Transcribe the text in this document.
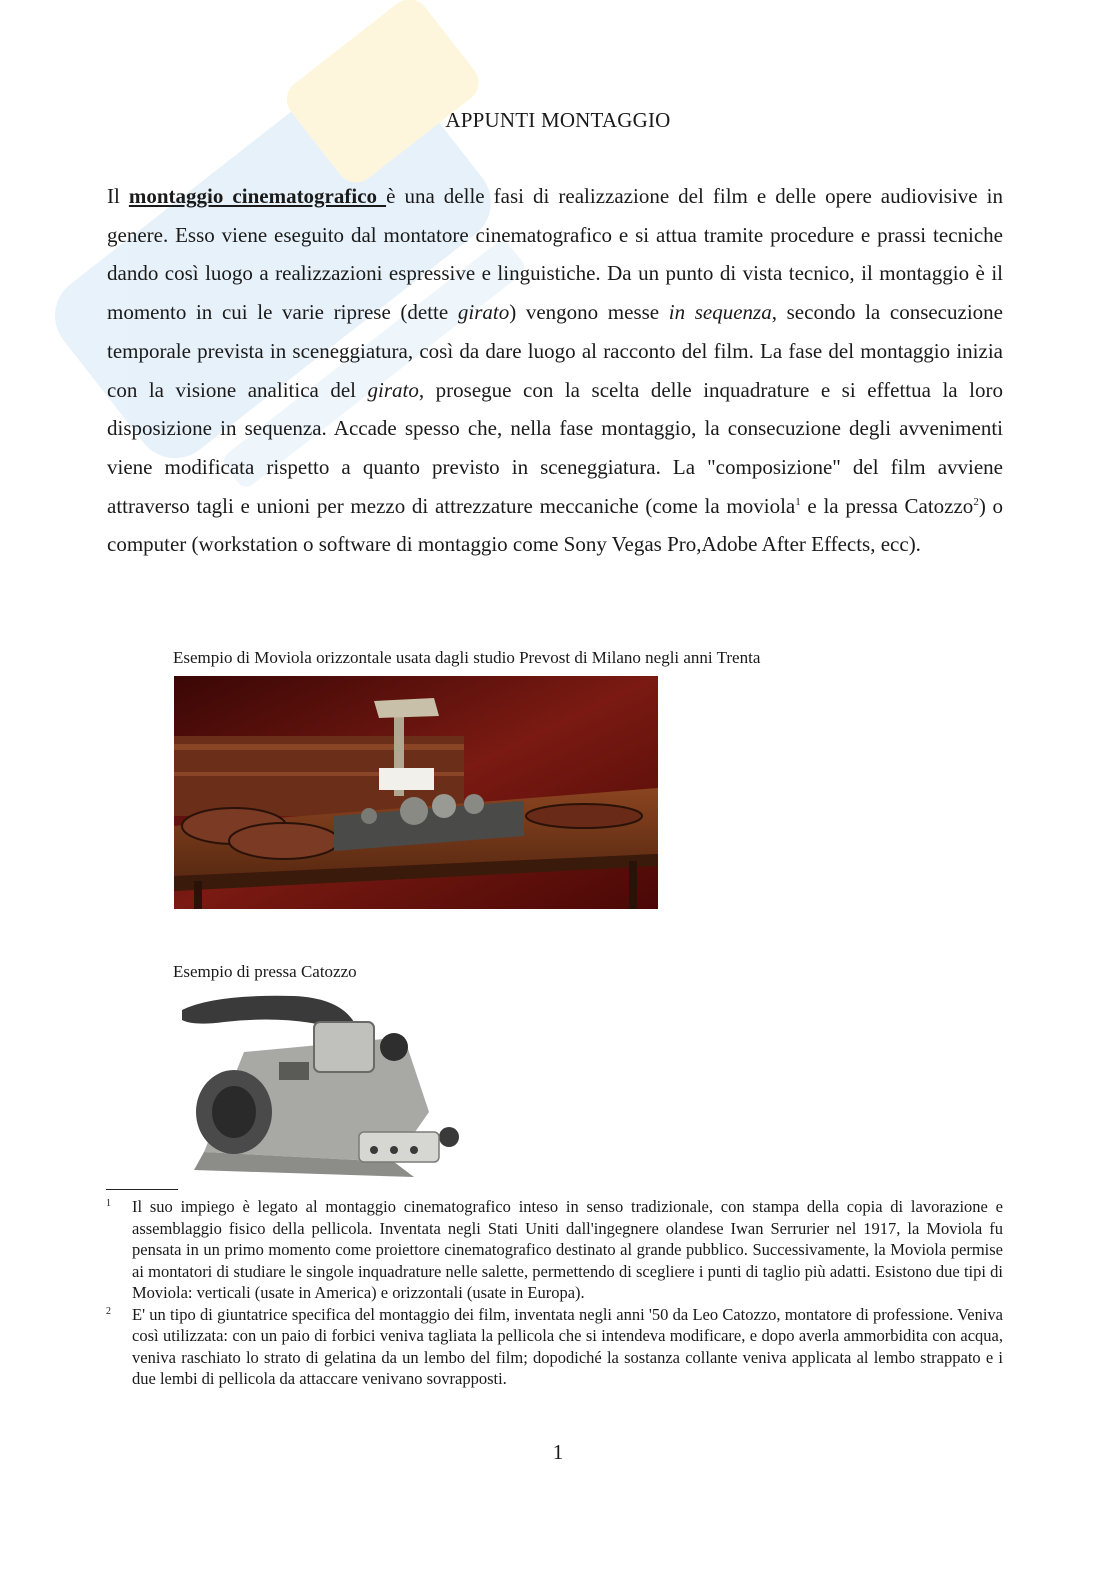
APPUNTI MONTAGGIO
Il montaggio cinematografico è una delle fasi di realizzazione del film e delle opere audiovisive in genere. Esso viene eseguito dal montatore cinematografico e si attua tramite procedure e prassi tecniche dando così luogo a realizzazioni espressive e linguistiche. Da un punto di vista tecnico, il montaggio è il momento in cui le varie riprese (dette girato) vengono messe in sequenza, secondo la consecuzione temporale prevista in sceneggiatura, così da dare luogo al racconto del film. La fase del montaggio inizia con la visione analitica del girato, prosegue con la scelta delle inquadrature e si effettua la loro disposizione in sequenza. Accade spesso che, nella fase montaggio, la consecuzione degli avvenimenti viene modificata rispetto a quanto previsto in sceneggiatura. La "composizione" del film avviene attraverso tagli e unioni per mezzo di attrezzature meccaniche (come la moviola$^1$ e la pressa Catozzo$^2$) o computer (workstation o software di montaggio come Sony Vegas Pro,Adobe After Effects, ecc).
Esempio di Moviola orizzontale usata dagli studio Prevost di Milano negli anni Trenta
Esempio di pressa Catozzo
1	Il suo impiego è legato al montaggio cinematografico inteso in senso tradizionale, con stampa della copia di lavorazione e assemblaggio fisico della pellicola. Inventata negli Stati Uniti dall'ingegnere olandese Iwan Serrurier nel 1917, la Moviola fu pensata in un primo momento come proiettore cinematografico destinato al grande pubblico. Successivamente, la Moviola permise ai montatori di studiare le singole inquadrature nelle salette, permettendo di scegliere i punti di taglio più adatti. Esistono due tipi di Moviola: verticali (usate in America) e orizzontali (usate in Europa).
2	E' un tipo di giuntatrice specifica del montaggio dei film, inventata negli anni '50 da Leo Catozzo, montatore di professione. Veniva così utilizzata: con un paio di forbici veniva tagliata la pellicola che si intendeva modificare, e dopo averla ammorbidita con acqua, veniva raschiato lo strato di gelatina da un lembo del film; dopodiché la sostanza collante veniva applicata al lembo strappato e i due lembi di pellicola da attaccare venivano sovrapposti.
1
